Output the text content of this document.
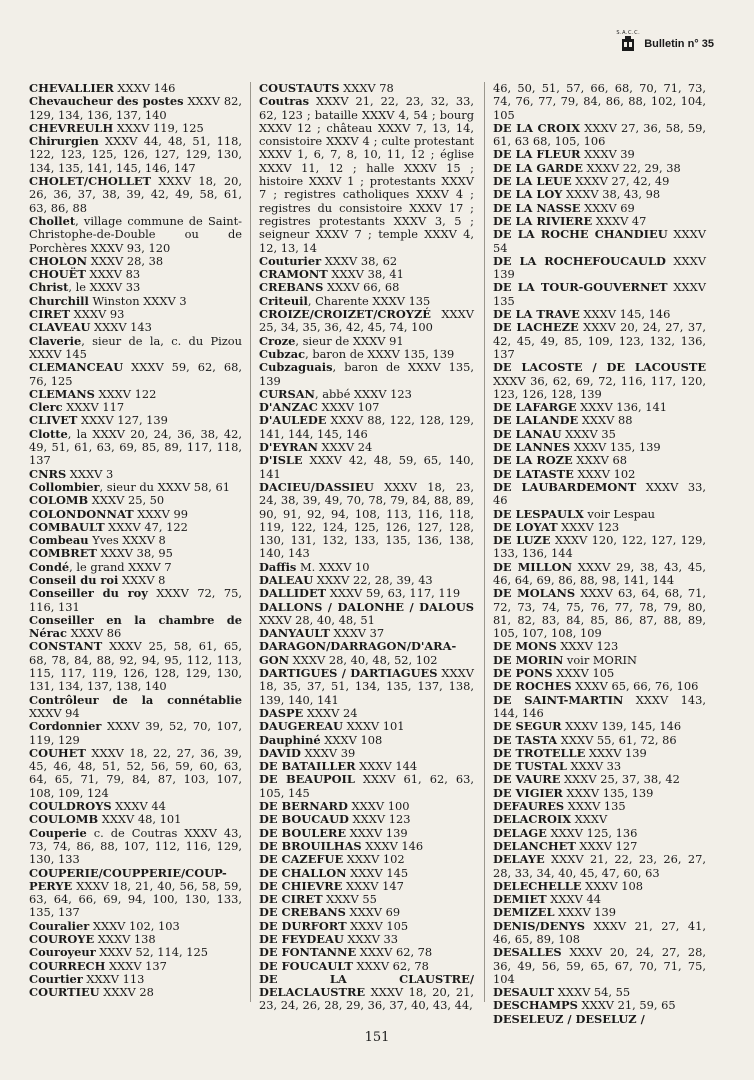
S.A.C.C.
Bulletin n° 35

CHEVALLIER XXXV 146

Chevaucheur des postes XXXV 82, 129, 134, 136, 137, 140

CHEVREULH XXXV 119, 125

Chirurgien XXXV 44, 48, 51, 118, 122, 123, 125, 126, 127, 129, 130, 134, 135, 141, 145, 146, 147

CHOLET/CHOLLET XXXV 18, 20, 26, 36, 37, 38, 39, 42, 49, 58, 61, 63, 86, 88

Chollet, village commune de Saint-Christophe-de-Double ou de Porchères XXXV 93, 120

CHOLON XXXV 28, 38

CHOUËT XXXV 83

Christ, le XXXV 33

Churchill Winston XXXV 3

CIRET XXXV 93

CLAVEAU XXXV 143

Claverie, sieur de la, c. du Pizou XXXV 145

CLEMANCEAU XXXV 59, 62, 68, 76, 125

CLEMANS XXXV 122

Clerc XXXV 117

CLIVET XXXV 127, 139

Clotte, la XXXV 20, 24, 36, 38, 42, 49, 51, 61, 63, 69, 85, 89, 117, 118, 137

CNRS XXXV 3

Collombier, sieur du XXXV 58, 61

COLOMB XXXV 25, 50

COLONDONNAT XXXV 99

COMBAULT XXXV 47, 122

Combeau Yves XXXV 8

COMBRET XXXV 38, 95

Condé, le grand XXXV 7

Conseil du roi XXXV 8

Conseiller du roy XXXV 72, 75, 116, 131

Conseiller en la chambre de Nérac XXXV 86

CONSTANT XXXV 25, 58, 61, 65, 68, 78, 84, 88, 92, 94, 95, 112, 113, 115, 117, 119, 126, 128, 129, 130, 131, 134, 137, 138, 140

Contrôleur de la connétablie XXXV 94

Cordonnier XXXV 39, 52, 70, 107, 119, 129

COUHET XXXV 18, 22, 27, 36, 39, 45, 46, 48, 51, 52, 56, 59, 60, 63, 64, 65, 71, 79, 84, 87, 103, 107, 108, 109, 124

COULDROYS XXXV 44

COULOMB XXXV 48, 101

Couperie c. de Coutras XXXV 43, 73, 74, 86, 88, 107, 112, 116, 129, 130, 133

COUPERIE/COUPPERIE/COUP-PERYE XXXV 18, 21, 40, 56, 58, 59, 63, 64, 66, 69, 94, 100, 130, 133, 135, 137

Couralier XXXV 102, 103

COUROYE XXXV 138

Couroyeur XXXV 52, 114, 125

COURRECH XXXV 137

Courtier XXXV 113

COURTIEU XXXV 28

COUSTAUTS XXXV 78

Coutras XXXV 21, 22, 23, 32, 33, 62, 123 ; bataille XXXV 4, 54 ; bourg XXXV 12 ; château XXXV 7, 13, 14, consistoire XXXV 4 ; culte protestant XXXV 1, 6, 7, 8, 10, 11, 12 ; église XXXV 11, 12 ; halle XXXV 15 ; histoire XXXV 1 ; protestants XXXV 7 ; registres catholiques XXXV 4 ; registres du consistoire XXXV 17 ; registres protestants XXXV 3, 5 ; seigneur XXXV 7 ; temple XXXV 4, 12, 13, 14

Couturier XXXV 38, 62

CRAMONT XXXV 38, 41

CREBANS XXXV 66, 68

Criteuil, Charente XXXV 135

CROIZE/CROIZET/CROYZÉ XXXV 25, 34, 35, 36, 42, 45, 74, 100

Croze, sieur de XXXV 91

Cubzac, baron de XXXV 135, 139

Cubzaguais, baron de XXXV 135, 139

CURSAN, abbé XXXV 123

D'ANZAC XXXV 107

D'AULEDE XXXV 88, 122, 128, 129, 141, 144, 145, 146

D'EYRAN XXXV 24

D'ISLE XXXV 42, 48, 59, 65, 140, 141

DACIEU/DASSIEU XXXV 18, 23, 24, 38, 39, 49, 70, 78, 79, 84, 88, 89, 90, 91, 92, 94, 108, 113, 116, 118, 119, 122, 124, 125, 126, 127, 128, 130, 131, 132, 133, 135, 136, 138, 140, 143

Daffis M. XXXV 10

DALEAU XXXV 22, 28, 39, 43

DALLIDET XXXV 59, 63, 117, 119

DALLONS / DALONHE / DALOUS XXXV 28, 40, 48, 51

DANYAULT XXXV 37

DARAGON/DARRAGON/D'ARA-GON XXXV 28, 40, 48, 52, 102

DARTIGUES / DARTIAGUES XXXV 18, 35, 37, 51, 134, 135, 137, 138, 139, 140, 141

DASPE XXXV 24

DAUGEREAU XXXV 101

Dauphiné XXXV 108

DAVID XXXV 39

DE BATAILLER XXXV 144

DE BEAUPOIL XXXV 61, 62, 63, 105, 145

DE BERNARD XXXV 100

DE BOUCAUD XXXV 123

DE BOULERE XXXV 139

DE BROUILHAS XXXV 146

DE CAZEFUE XXXV 102

DE CHALLON XXXV 145

DE CHIEVRE XXXV 147

DE CIRET XXXV 55

DE CREBANS XXXV 69

DE DURFORT XXXV 105

DE FEYDEAU XXXV 33

DE FONTANNE XXXV 62, 78

DE FOUCAULT XXXV 62, 78

DE LA CLAUSTRE/ DELACLAUSTRE XXXV 18, 20, 21, 23, 24, 26, 28, 29, 36, 37, 40, 43, 44,

46, 50, 51, 57, 66, 68, 70, 71, 73, 74, 76, 77, 79, 84, 86, 88, 102, 104, 105

DE LA CROIX XXXV 27, 36, 58, 59, 61, 63 68, 105, 106

DE LA FLEUR XXXV 39

DE LA GARDE XXXV 22, 29, 38

DE LA LEUE XXXV 27, 42, 49

DE LA LOY XXXV 38, 43, 98

DE LA NASSE XXXV 69

DE LA RIVIERE XXXV 47

DE LA ROCHE CHANDIEU XXXV 54

DE LA ROCHEFOUCAULD XXXV 139

DE LA TOUR-GOUVERNET XXXV 135

DE LA TRAVE XXXV 145, 146

DE LACHEZE XXXV 20, 24, 27, 37, 42, 45, 49, 85, 109, 123, 132, 136, 137

DE LACOSTE / DE LACOUSTE XXXV 36, 62, 69, 72, 116, 117, 120, 123, 126, 128, 139

DE LAFARGE XXXV 136, 141

DE LALANDE XXXV 88

DE LANAU XXXV 35

DE LANNES XXXV 135, 139

DE LA ROZE XXXV 68

DE LATASTE XXXV 102

DE LAUBARDEMONT XXXV 33, 46

DE LESPAULX voir Lespau

DE LOYAT XXXV 123

DE LUZE XXXV 120, 122, 127, 129, 133, 136, 144

DE MILLON XXXV 29, 38, 43, 45, 46, 64, 69, 86, 88, 98, 141, 144

DE MOLANS XXXV 63, 64, 68, 71, 72, 73, 74, 75, 76, 77, 78, 79, 80, 81, 82, 83, 84, 85, 86, 87, 88, 89, 105, 107, 108, 109

DE MONS XXXV 123

DE MORIN voir MORIN

DE PONS XXXV 105

DE ROCHES XXXV 65, 66, 76, 106

DE SAINT-MARTIN XXXV 143, 144, 146

DE SEGUR XXXV 139, 145, 146

DE TASTA XXXV 55, 61, 72, 86

DE TROTELLE XXXV 139

DE TUSTAL XXXV 33

DE VAURE XXXV 25, 37, 38, 42

DE VIGIER XXXV 135, 139

DEFAURES XXXV 135

DELACROIX XXXV

DELAGE XXXV 125, 136

DELANCHET XXXV 127

DELAYE XXXV 21, 22, 23, 26, 27, 28, 33, 34, 40, 45, 47, 60, 63

DELECHELLE XXXV 108

DEMIET XXXV 44

DEMIZEL XXXV 139

DENIS/DENYS XXXV 21, 27, 41, 46, 65, 89, 108

DESALLES XXXV 20, 24, 27, 28, 36, 49, 56, 59, 65, 67, 70, 71, 75, 104

DESAULT XXXV 54, 55

DESCHAMPS XXXV 21, 59, 65

DESELEUZ / DESELUZ /

151
